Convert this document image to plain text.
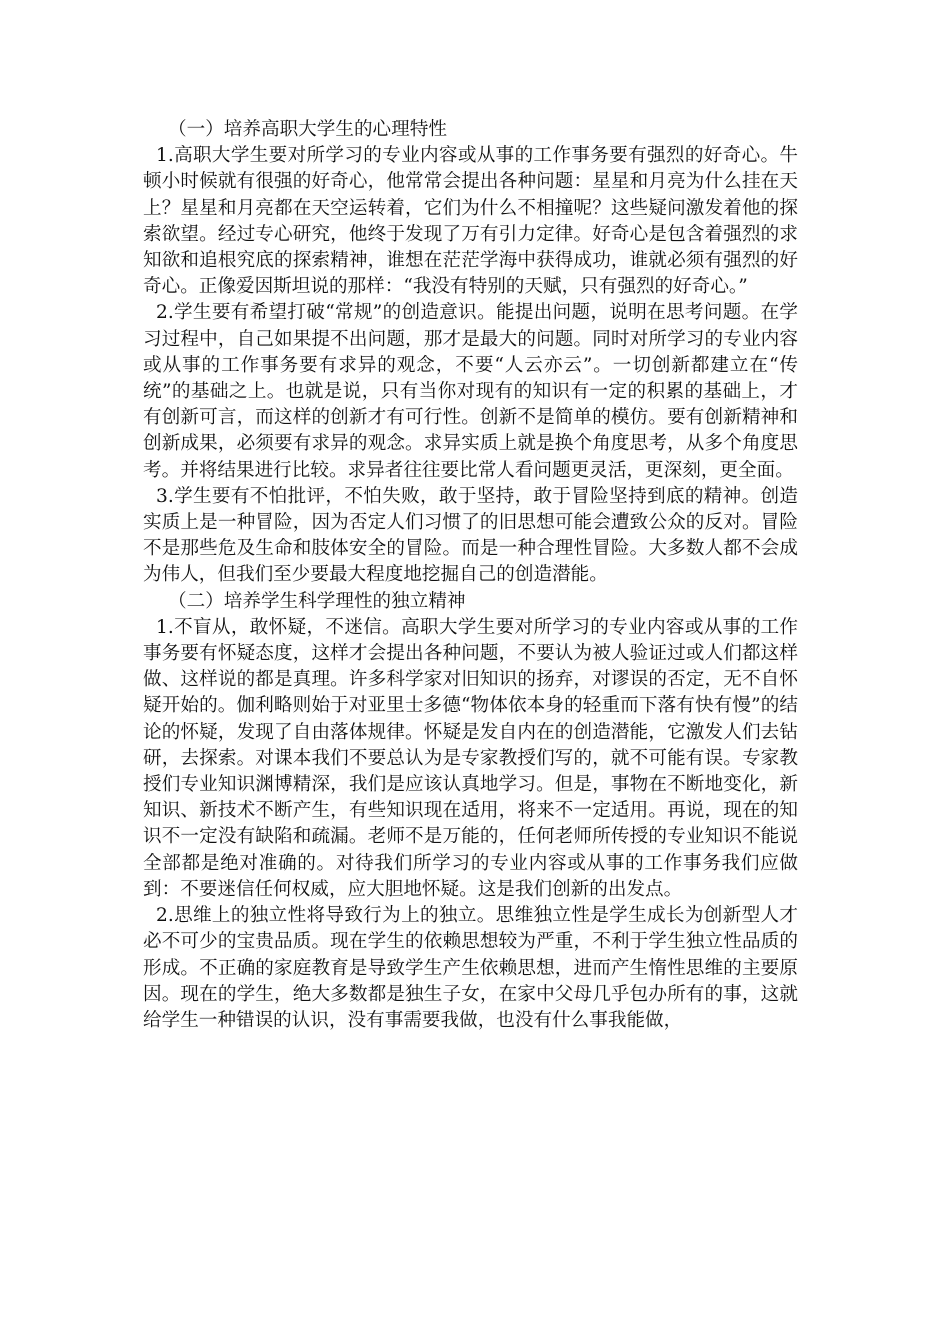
（一）培养高职大学生的心理特性

1.高职大学生要对所学习的专业内容或从事的工作事务要有强烈的好奇心。牛顿小时候就有很强的好奇心，他常常会提出各种问题：星星和月亮为什么挂在天上？星星和月亮都在天空运转着，它们为什么不相撞呢？这些疑问激发着他的探索欲望。经过专心研究，他终于发现了万有引力定律。好奇心是包含着强烈的求知欲和追根究底的探索精神，谁想在茫茫学海中获得成功，谁就必须有强烈的好奇心。正像爱因斯坦说的那样：“我没有特别的天赋，只有强烈的好奇心。”

2.学生要有希望打破“常规”的创造意识。能提出问题，说明在思考问题。在学习过程中，自己如果提不出问题，那才是最大的问题。同时对所学习的专业内容或从事的工作事务要有求异的观念，不要“人云亦云”。一切创新都建立在“传统”的基础之上。也就是说，只有当你对现有的知识有一定的积累的基础上，才有创新可言，而这样的创新才有可行性。创新不是简单的模仿。要有创新精神和创新成果，必须要有求异的观念。求异实质上就是换个角度思考，从多个角度思考。并将结果进行比较。求异者往往要比常人看问题更灵活，更深刻，更全面。

3.学生要有不怕批评，不怕失败，敢于坚持，敢于冒险坚持到底的精神。创造实质上是一种冒险，因为否定人们习惯了的旧思想可能会遭致公众的反对。冒险不是那些危及生命和肢体安全的冒险。而是一种合理性冒险。大多数人都不会成为伟人，但我们至少要最大程度地挖掘自己的创造潜能。

（二）培养学生科学理性的独立精神

1.不盲从，敢怀疑，不迷信。高职大学生要对所学习的专业内容或从事的工作事务要有怀疑态度，这样才会提出各种问题，不要认为被人验证过或人们都这样做、这样说的都是真理。许多科学家对旧知识的扬弃，对谬误的否定，无不自怀疑开始的。伽利略则始于对亚里士多德“物体依本身的轻重而下落有快有慢”的结论的怀疑，发现了自由落体规律。怀疑是发自内在的创造潜能，它激发人们去钻研，去探索。对课本我们不要总认为是专家教授们写的，就不可能有误。专家教授们专业知识渊博精深，我们是应该认真地学习。但是，事物在不断地变化，新知识、新技术不断产生，有些知识现在适用，将来不一定适用。再说，现在的知识不一定没有缺陷和疏漏。老师不是万能的，任何老师所传授的专业知识不能说全部都是绝对准确的。对待我们所学习的专业内容或从事的工作事务我们应做到：不要迷信任何权威，应大胆地怀疑。这是我们创新的出发点。

2.思维上的独立性将导致行为上的独立。思维独立性是学生成长为创新型人才必不可少的宝贵品质。现在学生的依赖思想较为严重，不利于学生独立性品质的形成。不正确的家庭教育是导致学生产生依赖思想，进而产生惰性思维的主要原因。现在的学生，绝大多数都是独生子女，在家中父母几乎包办所有的事，这就给学生一种错误的认识，没有事需要我做，也没有什么事我能做，
